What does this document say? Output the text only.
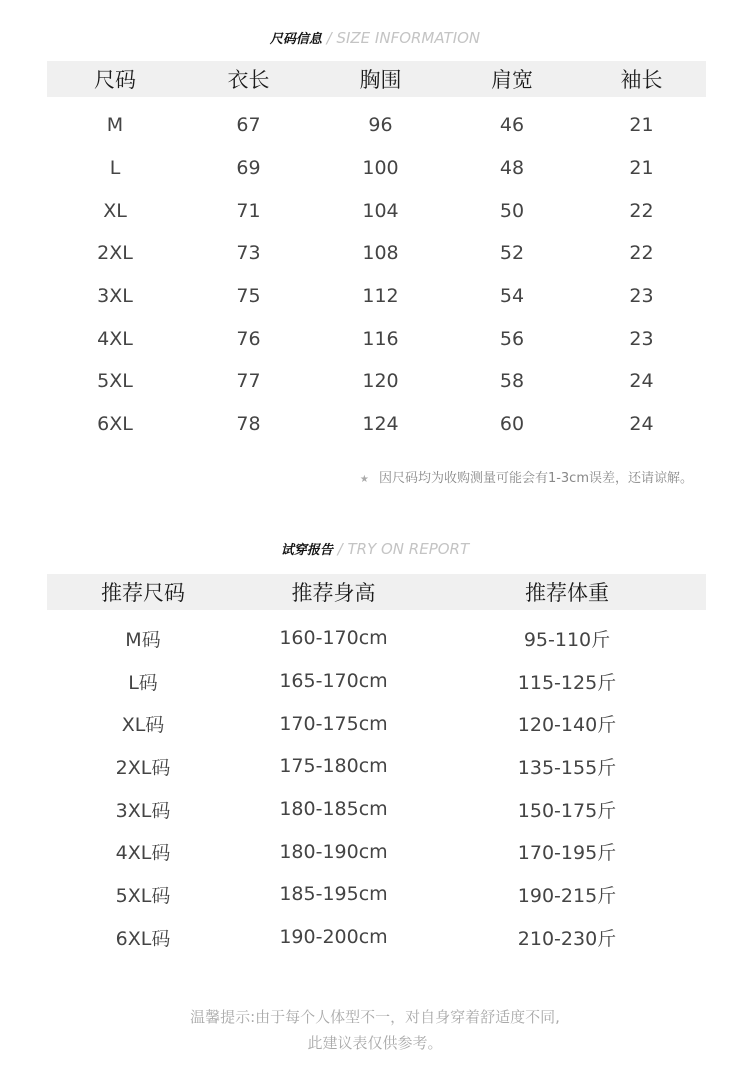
尺码信息 / SIZE INFORMATION
尺码	衣长	胸围	肩宽	袖长
M	67	96	46	21
L	69	100	48	21
XL	71	104	50	22
2XL	73	108	52	22
3XL	75	112	54	23
4XL	76	116	56	23
5XL	77	120	58	24
6XL	78	124	60	24
★ 因尺码均为收购测量可能会有1-3cm误差，还请谅解。
试穿报告 / TRY ON REPORT
推荐尺码	推荐身高	推荐体重
M码	160-170cm	95-110斤
L码	165-170cm	115-125斤
XL码	170-175cm	120-140斤
2XL码	175-180cm	135-155斤
3XL码	180-185cm	150-175斤
4XL码	180-190cm	170-195斤
5XL码	185-195cm	190-215斤
6XL码	190-200cm	210-230斤
温馨提示:由于每个人体型不一，对自身穿着舒适度不同,
此建议表仅供参考。
